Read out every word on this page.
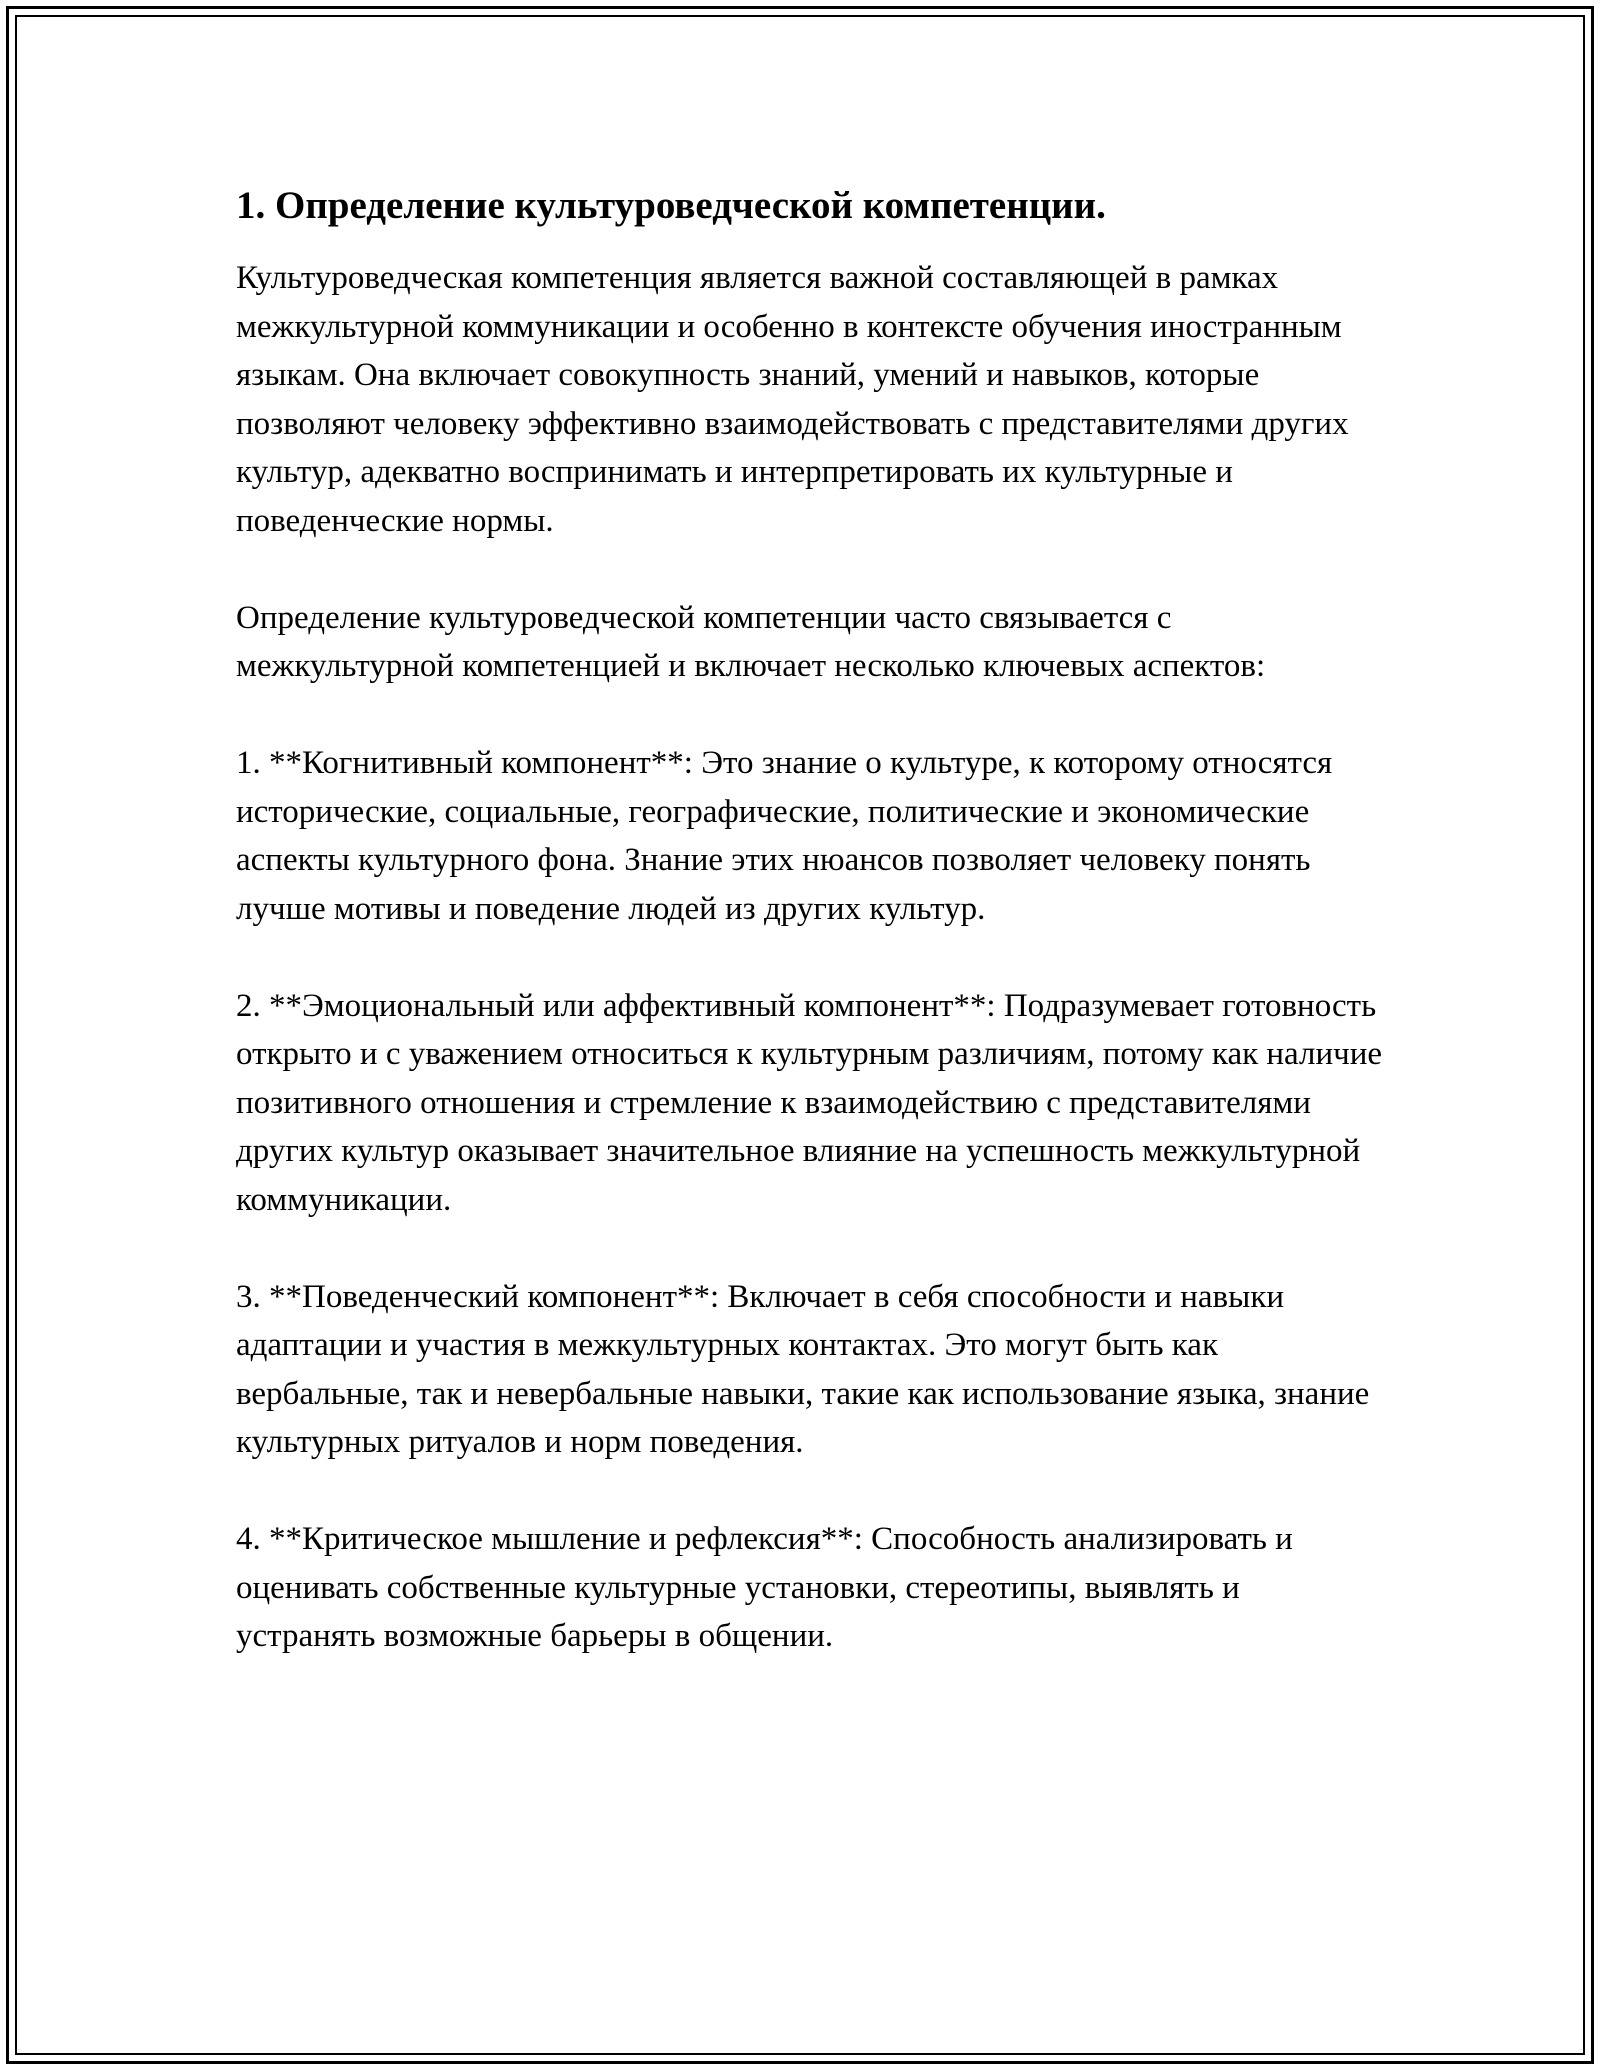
1. Определение культуроведческой компетенции.

Культуроведческая компетенция является важной составляющей в рамках межкультурной коммуникации и особенно в контексте обучения иностранным языкам. Она включает совокупность знаний, умений и навыков, которые позволяют человеку эффективно взаимодействовать с представителями других культур, адекватно воспринимать и интерпретировать их культурные и поведенческие нормы.

Определение культуроведческой компетенции часто связывается с межкультурной компетенцией и включает несколько ключевых аспектов:

1. **Когнитивный компонент**: Это знание о культуре, к которому относятся исторические, социальные, географические, политические и экономические аспекты культурного фона. Знание этих нюансов позволяет человеку понять лучше мотивы и поведение людей из других культур.

2. **Эмоциональный или аффективный компонент**: Подразумевает готовность открыто и с уважением относиться к культурным различиям, потому как наличие позитивного отношения и стремление к взаимодействию с представителями других культур оказывает значительное влияние на успешность межкультурной коммуникации.

3. **Поведенческий компонент**: Включает в себя способности и навыки адаптации и участия в межкультурных контактах. Это могут быть как вербальные, так и невербальные навыки, такие как использование языка, знание культурных ритуалов и норм поведения.

4. **Критическое мышление и рефлексия**: Способность анализировать и оценивать собственные культурные установки, стереотипы, выявлять и устранять возможные барьеры в общении.
